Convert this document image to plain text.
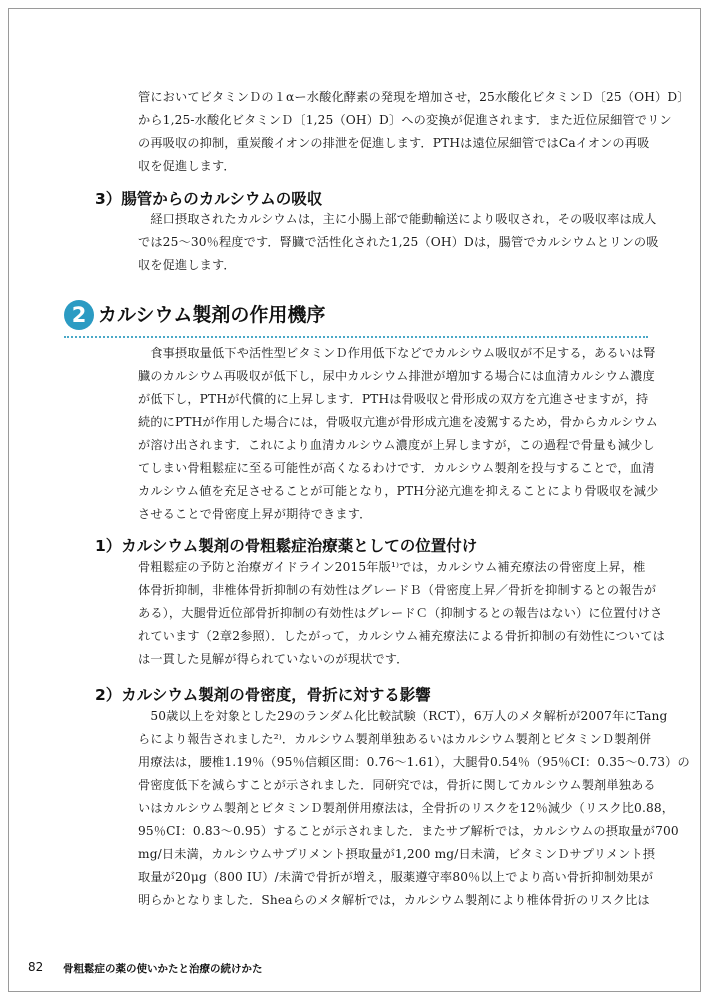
管においてビタミンＤの１αー水酸化酵素の発現を増加させ，25水酸化ビタミンＤ〔25（OH）D〕
から1,25-水酸化ビタミンＤ〔1,25（OH）D〕への変換が促進されます．また近位尿細管でリン
の再吸収の抑制，重炭酸イオンの排泄を促進します．PTHは遠位尿細管ではCaイオンの再吸
収を促進します．
3）腸管からのカルシウムの吸収
　経口摂取されたカルシウムは，主に小腸上部で能動輸送により吸収され，その吸収率は成人
では25～30％程度です．腎臓で活性化された1,25（OH）Dは，腸管でカルシウムとリンの吸
収を促進します．
2 カルシウム製剤の作用機序
　食事摂取量低下や活性型ビタミンＤ作用低下などでカルシウム吸収が不足する，あるいは腎
臓のカルシウム再吸収が低下し，尿中カルシウム排泄が増加する場合には血清カルシウム濃度
が低下し，PTHが代償的に上昇します．PTHは骨吸収と骨形成の双方を亢進させますが，持
続的にPTHが作用した場合には，骨吸収亢進が骨形成亢進を凌駕するため，骨からカルシウム
が溶け出されます．これにより血清カルシウム濃度が上昇しますが，この過程で骨量も減少し
てしまい骨粗鬆症に至る可能性が高くなるわけです．カルシウム製剤を投与することで，血清
カルシウム値を充足させることが可能となり，PTH分泌亢進を抑えることにより骨吸収を減少
させることで骨密度上昇が期待できます．
1）カルシウム製剤の骨粗鬆症治療薬としての位置付け
骨粗鬆症の予防と治療ガイドライン2015年版¹⁾では，カルシウム補充療法の骨密度上昇，椎
体骨折抑制，非椎体骨折抑制の有効性はグレードＢ（骨密度上昇／骨折を抑制するとの報告が
ある），大腿骨近位部骨折抑制の有効性はグレードＣ（抑制するとの報告はない）に位置付けさ
れています（2章2参照）．したがって，カルシウム補充療法による骨折抑制の有効性については
は一貫した見解が得られていないのが現状です．
2）カルシウム製剤の骨密度，骨折に対する影響
　50歳以上を対象とした29のランダム化比較試験（RCT），6万人のメタ解析が2007年にTang
らにより報告されました²⁾．カルシウム製剤単独あるいはカルシウム製剤とビタミンＤ製剤併
用療法は，腰椎1.19％（95％信頼区間：0.76～1.61），大腿骨0.54％（95％CI：0.35～0.73）の
骨密度低下を減らすことが示されました．同研究では，骨折に関してカルシウム製剤単独ある
いはカルシウム製剤とビタミンＤ製剤併用療法は，全骨折のリスクを12％減少（リスク比0.88，
95％CI：0.83～0.95）することが示されました．またサブ解析では，カルシウムの摂取量が700
mg/日未満，カルシウムサプリメント摂取量が1,200 mg/日未満，ビタミンＤサプリメント摂
取量が20μg（800 IU）/未満で骨折が増え，服薬遵守率80％以上でより高い骨折抑制効果が
明らかとなりました．Sheaらのメタ解析では，カルシウム製剤により椎体骨折のリスク比は
82 骨粗鬆症の薬の使いかたと治療の続けかた
